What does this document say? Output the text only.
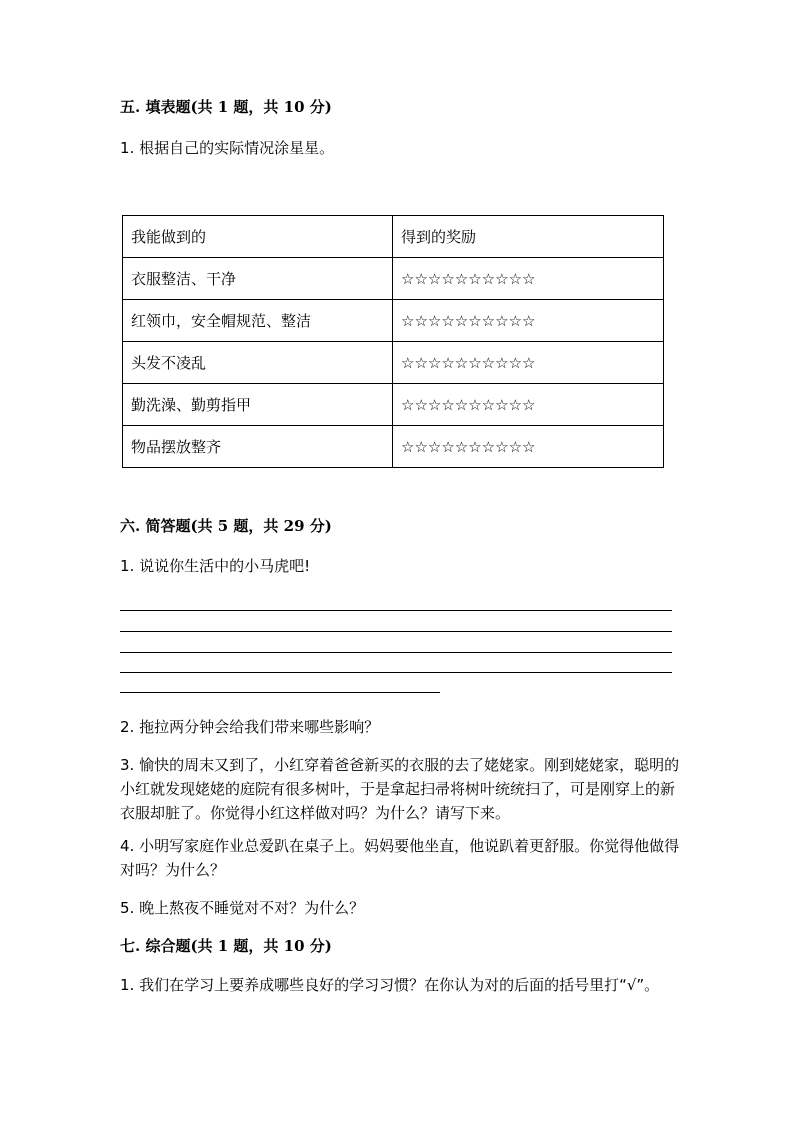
五. 填表题(共 1 题，共 10 分)
1. 根据自己的实际情况涂星星。
我能做到的	得到的奖励
衣服整洁、干净	☆☆☆☆☆☆☆☆☆☆
红领巾，安全帽规范、整洁	☆☆☆☆☆☆☆☆☆☆
头发不凌乱	☆☆☆☆☆☆☆☆☆☆
勤洗澡、勤剪指甲	☆☆☆☆☆☆☆☆☆☆
物品摆放整齐	☆☆☆☆☆☆☆☆☆☆
六. 简答题(共 5 题，共 29 分)
1. 说说你生活中的小马虎吧!
2. 拖拉两分钟会给我们带来哪些影响？
3. 愉快的周末又到了，小红穿着爸爸新买的衣服的去了姥姥家。刚到姥姥家，聪明的小红就发现姥姥的庭院有很多树叶，于是拿起扫帚将树叶统统扫了，可是刚穿上的新衣服却脏了。你觉得小红这样做对吗？为什么？请写下来。
4. 小明写家庭作业总爱趴在桌子上。妈妈要他坐直，他说趴着更舒服。你觉得他做得对吗？为什么？
5. 晚上熬夜不睡觉对不对？为什么？
七. 综合题(共 1 题，共 10 分)
1. 我们在学习上要养成哪些良好的学习习惯？在你认为对的后面的括号里打“√”。
